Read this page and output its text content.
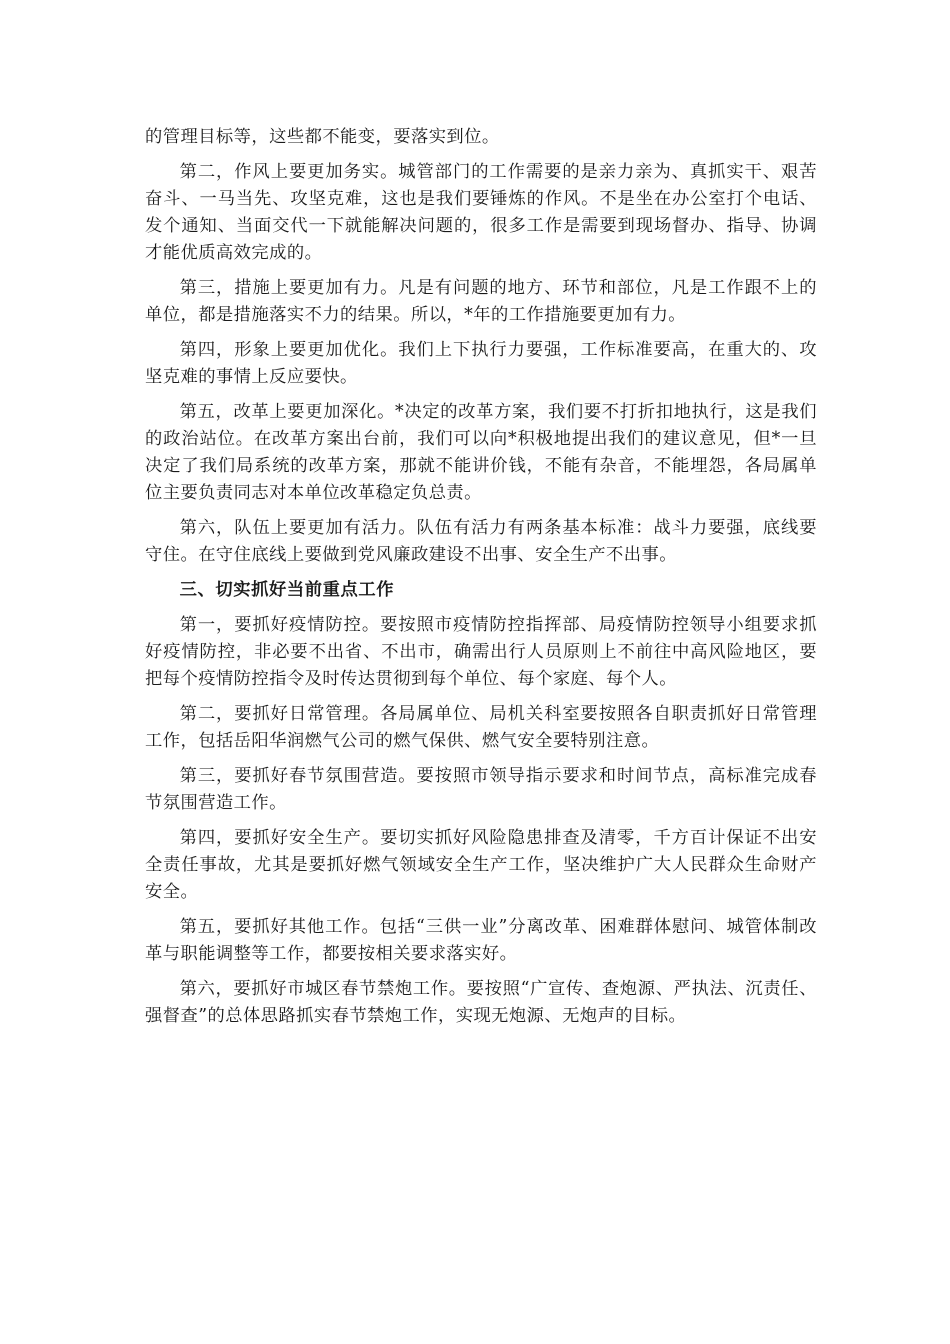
的管理目标等，这些都不能变，要落实到位。

第二，作风上要更加务实。城管部门的工作需要的是亲力亲为、真抓实干、艰苦奋斗、一马当先、攻坚克难，这也是我们要锤炼的作风。不是坐在办公室打个电话、发个通知、当面交代一下就能解决问题的，很多工作是需要到现场督办、指导、协调才能优质高效完成的。

第三，措施上要更加有力。凡是有问题的地方、环节和部位，凡是工作跟不上的单位，都是措施落实不力的结果。所以，*年的工作措施要更加有力。

第四，形象上要更加优化。我们上下执行力要强，工作标准要高，在重大的、攻坚克难的事情上反应要快。

第五，改革上要更加深化。*决定的改革方案，我们要不打折扣地执行，这是我们的政治站位。在改革方案出台前，我们可以向*积极地提出我们的建议意见，但*一旦决定了我们局系统的改革方案，那就不能讲价钱，不能有杂音，不能埋怨，各局属单位主要负责同志对本单位改革稳定负总责。

第六，队伍上要更加有活力。队伍有活力有两条基本标准：战斗力要强，底线要守住。在守住底线上要做到党风廉政建设不出事、安全生产不出事。

三、切实抓好当前重点工作

第一，要抓好疫情防控。要按照市疫情防控指挥部、局疫情防控领导小组要求抓好疫情防控，非必要不出省、不出市，确需出行人员原则上不前往中高风险地区，要把每个疫情防控指令及时传达贯彻到每个单位、每个家庭、每个人。

第二，要抓好日常管理。各局属单位、局机关科室要按照各自职责抓好日常管理工作，包括岳阳华润燃气公司的燃气保供、燃气安全要特别注意。

第三，要抓好春节氛围营造。要按照市领导指示要求和时间节点，高标准完成春节氛围营造工作。

第四，要抓好安全生产。要切实抓好风险隐患排查及清零，千方百计保证不出安全责任事故，尤其是要抓好燃气领域安全生产工作，坚决维护广大人民群众生命财产安全。

第五，要抓好其他工作。包括“三供一业”分离改革、困难群体慰问、城管体制改革与职能调整等工作，都要按相关要求落实好。

第六，要抓好市城区春节禁炮工作。要按照“广宣传、查炮源、严执法、沉责任、强督查”的总体思路抓实春节禁炮工作，实现无炮源、无炮声的目标。
